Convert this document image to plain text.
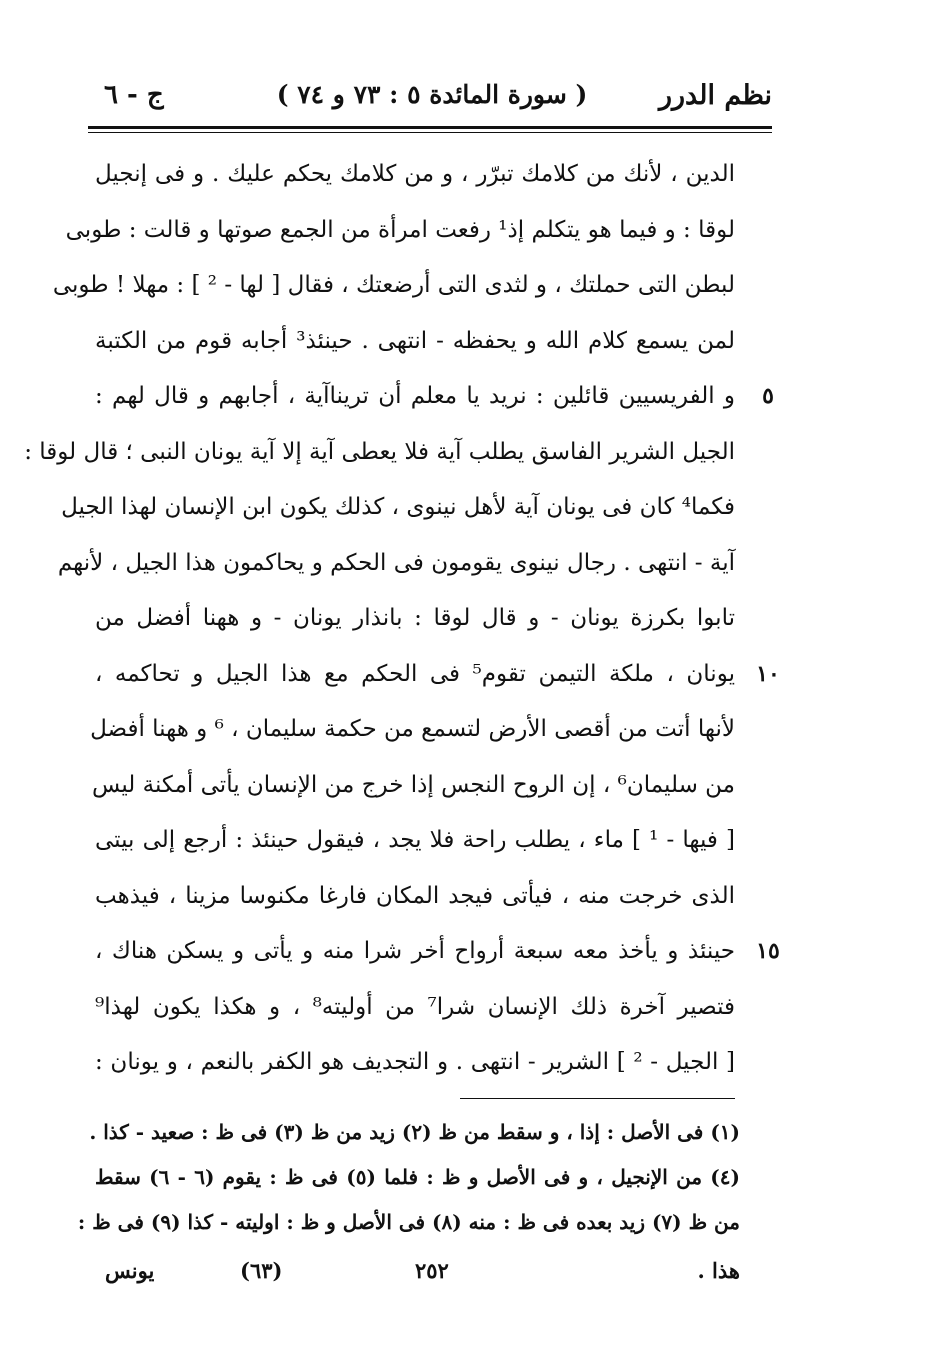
نظم الدرر
( سورة المائدة ٥ : ٧٣ و ٧٤ )
ج - ٦
الدين ، لأنك من كلامك تبرّر ، و من كلامك يحكم عليك . و فى إنجيل
لوقا : و فيما هو يتكلم إذ¹ رفعت امرأة من الجمع صوتها و قالت : طوبى
لبطن التى حملتك ، و لثدى التى أرضعتك ، فقال [ لها - ² ] : مهلا ! طوبى
لمن يسمع كلام الله و يحفظه - انتهى . حينئذ³ أجابه قوم من الكتبة
و الفريسيين قائلين : نريد يا معلم أن تريناآية ، أجابهم و قال لهم :
الجيل الشرير الفاسق يطلب آية فلا يعطى آية إلا آية يونان النبى ؛ قال لوقا :
فكما⁴ كان فى يونان آية لأهل نينوى ، كذلك يكون ابن الإنسان لهذا الجيل
آية - انتهى . رجال نينوى يقومون فى الحكم و يحاكمون هذا الجيل ، لأنهم
تابوا بكرزة يونان - و قال لوقا : بانذار يونان - و ههنا أفضل من
يونان ، ملكة التيمن تقوم⁵ فى الحكم مع هذا الجيل و تحاكمه ،
لأنها أتت من أقصى الأرض لتسمع من حكمة سليمان ، ⁶ و ههنا أفضل
من سليمان⁶ ، إن الروح النجس إذا خرج من الإنسان يأتى أمكنة ليس
[ فيها - ¹ ] ماء ، يطلب راحة فلا يجد ، فيقول حينئذ : أرجع إلى بيتى
الذى خرجت منه ، فيأتى فيجد المكان فارغا مكنوسا مزينا ، فيذهب
حينئذ و يأخذ معه سبعة أرواح أخر شرا منه و يأتى و يسكن هناك ،
فتصير آخرة ذلك الإنسان شرا⁷ من أوليته⁸ ، و هكذا يكون لهذا⁹
[ الجيل - ² ] الشرير - انتهى . و التجديف هو الكفر بالنعم ، و يونان :
٥
١٠
١٥
(١) فى الأصل : إذا ، و سقط من ظ (٢) زيد من ظ (٣) فى ظ : صعيد - كذا .
(٤) من الإنجيل ، و فى الأصل و ظ : فلما (٥) فى ظ : يقوم (٦ - ٦) سقط
من ظ (٧) زيد بعده فى ظ : منه (٨) فى الأصل و ظ : اوليته - كذا (٩) فى ظ :
هذا .
٢٥٢
(٦٣)
يونس
